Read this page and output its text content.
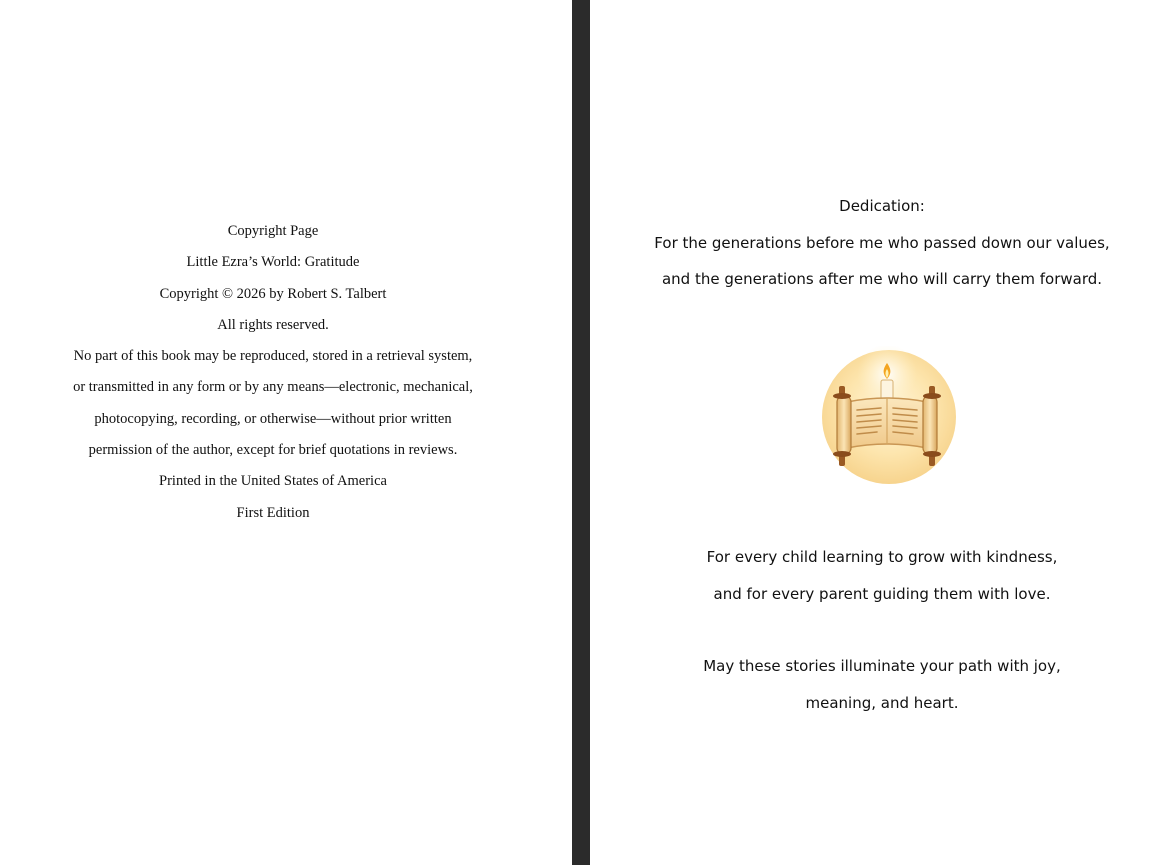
Copyright Page
Little Ezra’s World: Gratitude
Copyright © 2026 by Robert S. Talbert
All rights reserved.
No part of this book may be reproduced, stored in a retrieval system,
or transmitted in any form or by any means—electronic, mechanical,
photocopying, recording, or otherwise—without prior written
permission of the author, except for brief quotations in reviews.
Printed in the United States of America
First Edition
Dedication:
For the generations before me who passed down our values,
and the generations after me who will carry them forward.
For every child learning to grow with kindness,
and for every parent guiding them with love.
May these stories illuminate your path with joy,
meaning, and heart.
